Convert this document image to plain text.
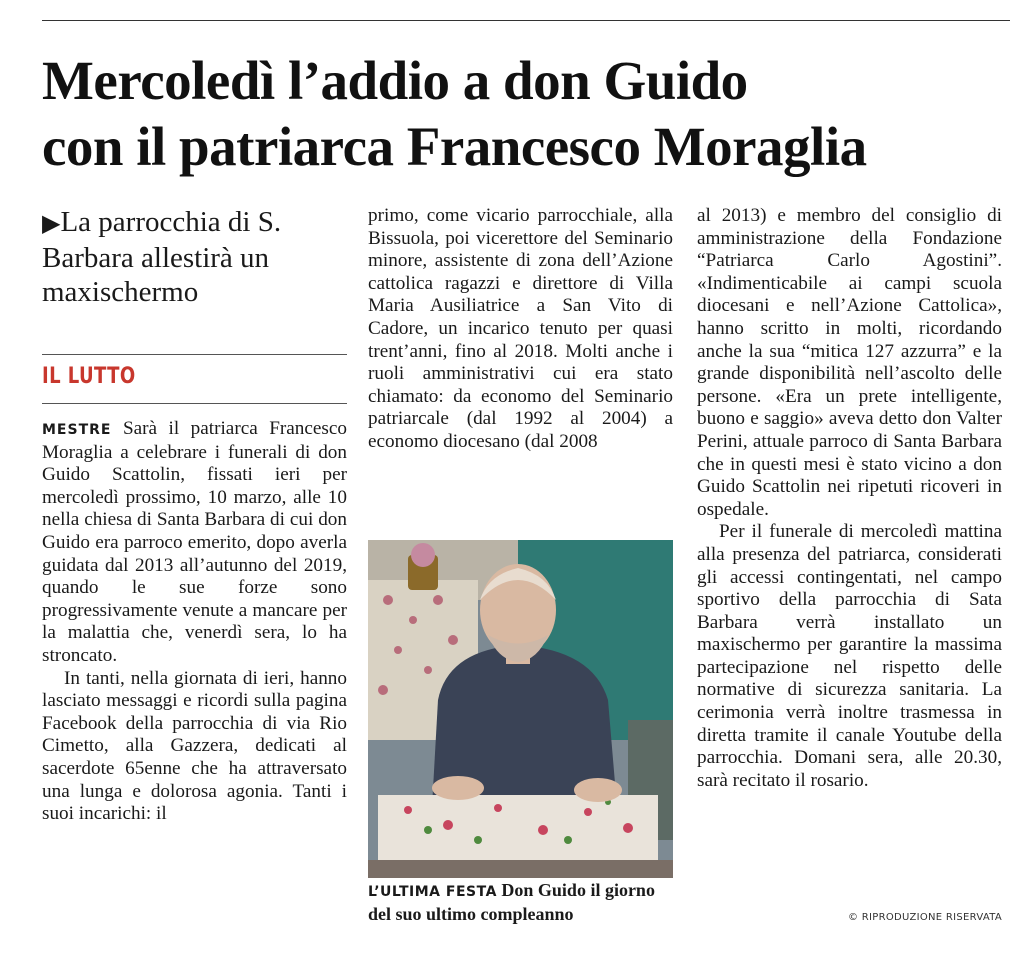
Mercoledì l’addio a don Guido
con il patriarca Francesco Moraglia
▶La parrocchia di S. Barbara allestirà un maxischermo
IL LUTTO

MESTRE Sarà il patriarca Francesco Moraglia a celebrare i funerali di don Guido Scattolin, fissati ieri per mercoledì prossimo, 10 marzo, alle 10 nella chiesa di Santa Barbara di cui don Guido era parroco emerito, dopo averla guidata dal 2013 all’autunno del 2019, quando le sue forze sono progressivamente venute a mancare per la malattia che, venerdì sera, lo ha stroncato.

In tanti, nella giornata di ieri, hanno lasciato messaggi e ricordi sulla pagina Facebook della parrocchia di via Rio Cimetto, alla Gazzera, dedicati al sacerdote 65enne che ha attraversato una lunga e dolorosa agonia. Tanti i suoi incarichi: il

primo, come vicario parrocchiale, alla Bissuola, poi vicerettore del Seminario minore, assistente di zona dell’Azione cattolica ragazzi e direttore di Villa Maria Ausiliatrice a San Vito di Cadore, un incarico tenuto per quasi trent’anni, fino al 2018. Molti anche i ruoli amministrativi cui era stato chiamato: da economo del Seminario patriarcale (dal 1992 al 2004) a economo diocesano (dal 2008

L’ULTIMA FESTA Don Guido il giorno del suo ultimo compleanno

al 2013) e membro del consiglio di amministrazione della Fondazione “Patriarca Carlo Agostini”. «Indimenticabile ai campi scuola diocesani e nell’Azione Cattolica», hanno scritto in molti, ricordando anche la sua “mitica 127 azzurra” e la grande disponibilità nell’ascolto delle persone. «Era un prete intelligente, buono e saggio» aveva detto don Valter Perini, attuale parroco di Santa Barbara che in questi mesi è stato vicino a don Guido Scattolin nei ripetuti ricoveri in ospedale.

Per il funerale di mercoledì mattina alla presenza del patriarca, considerati gli accessi contingentati, nel campo sportivo della parrocchia di Sata Barbara verrà installato un maxischermo per garantire la massima partecipazione nel rispetto delle normative di sicurezza sanitaria. La cerimonia verrà inoltre trasmessa in diretta tramite il canale Youtube della parrocchia. Domani sera, alle 20.30, sarà recitato il rosario.

© RIPRODUZIONE RISERVATA
